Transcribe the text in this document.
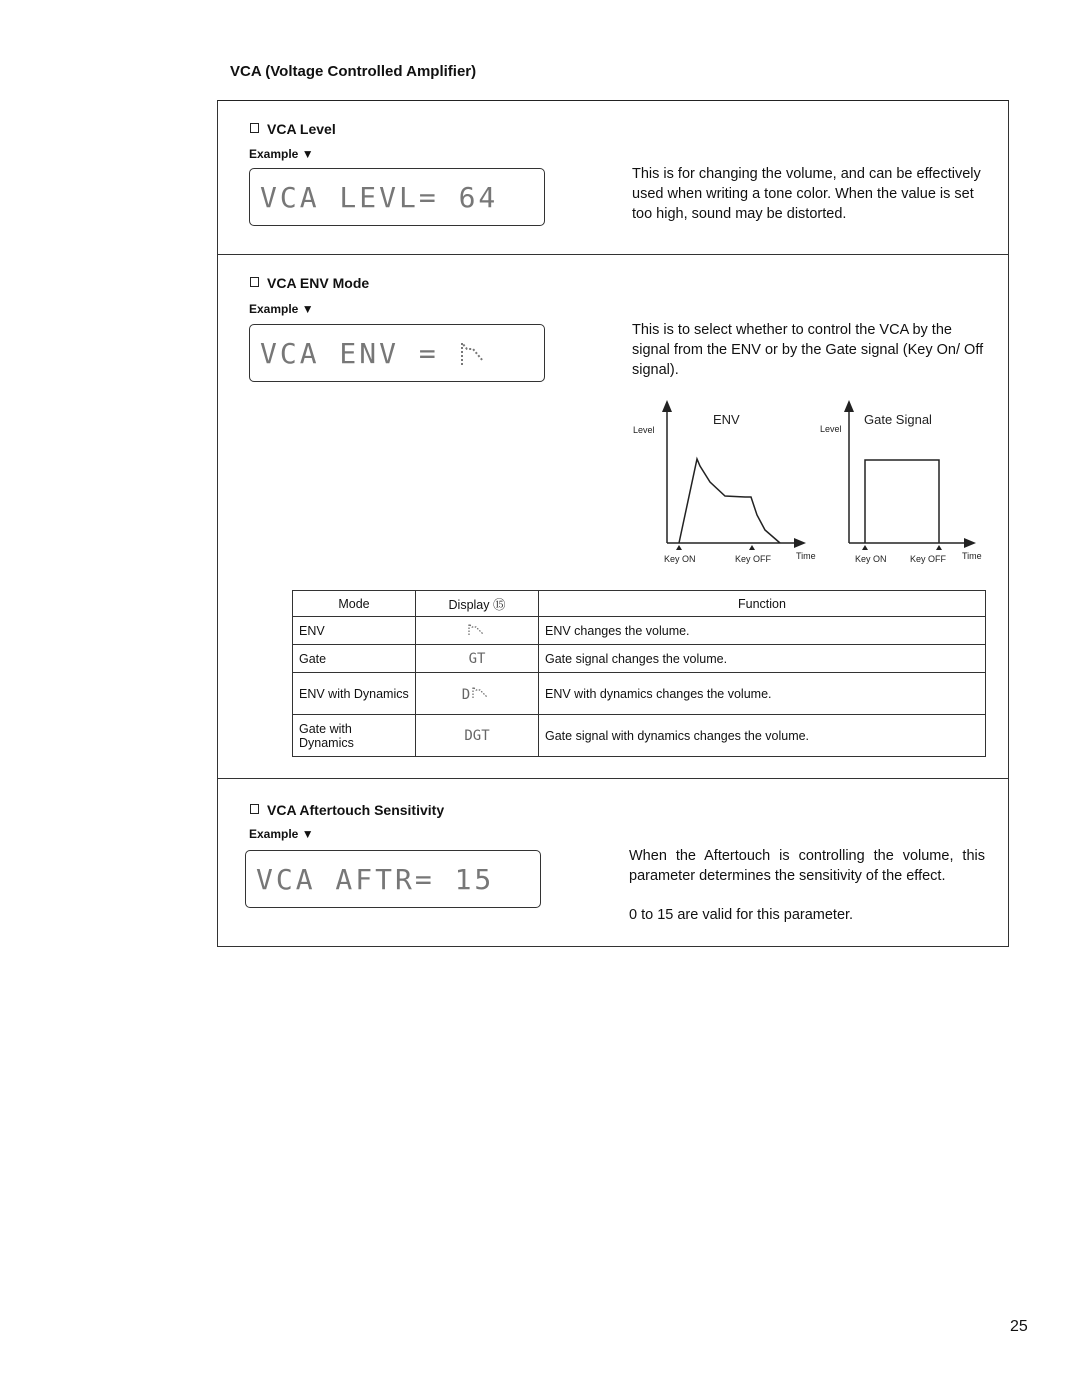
VCA (Voltage Controlled Amplifier)
VCA Level
Example ▼
VCA LEVL= 64
This is for changing the volume, and can be effectively used when writing a tone color. When the value is set too high, sound may be distorted.
VCA ENV Mode
Example ▼
VCA ENV =
This is to select whether to control the VCA by the signal from the ENV or by the Gate signal (Key On/ Off signal).
ENV
Level
Time
Key ON	Key OFF
Gate Signal
Level
Time
Key ON	Key OFF
Mode	Display ⑮	Function
ENV		ENV changes the volume.
Gate	GT	Gate signal changes the volume.
ENV with Dynamics	D	ENV with dynamics changes the volume.
Gate with Dynamics	DGT	Gate signal with dynamics changes the volume.
VCA Aftertouch Sensitivity
Example ▼
VCA AFTR= 15
When the Aftertouch is controlling the volume, this parameter determines the sensitivity of the effect.
0 to 15 are valid for this parameter.
25
